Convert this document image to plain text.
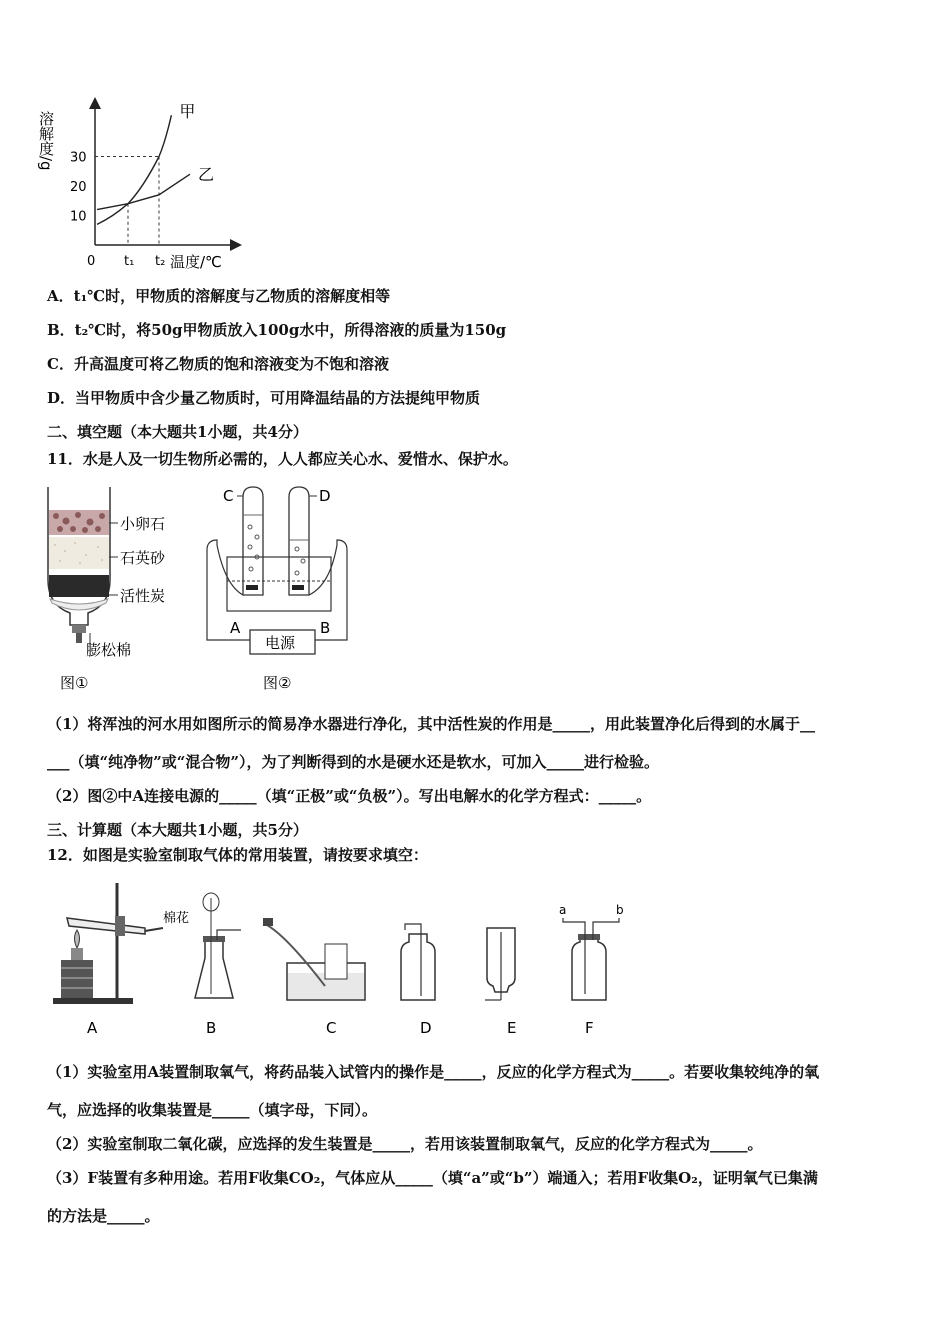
溶解度/g
10
20
30
0 t₁ t₂
甲
乙
温度/℃
A．t₁℃时，甲物质的溶解度与乙物质的溶解度相等
B．t₂℃时，将50g甲物质放入100g水中，所得溶液的质量为150g
C．升高温度可将乙物质的饱和溶液变为不饱和溶液
D．当甲物质中含少量乙物质时，可用降温结晶的方法提纯甲物质
二、填空题（本大题共1小题，共4分）
11．水是人及一切生物所必需的，人人都应关心水、爱惜水、保护水。
小卵石
石英砂
活性炭
膨松棉
图①
电源
C	D
A	B
图②
（1）将浑浊的河水用如图所示的简易净水器进行净化，其中活性炭的作用是_____，用此装置净化后得到的水属于__
___（填“纯净物”或“混合物”），为了判断得到的水是硬水还是软水，可加入_____进行检验。
（2）图②中A连接电源的_____（填“正极”或“负极”）。写出电解水的化学方程式：_____。
三、计算题（本大题共1小题，共5分）
12．如图是实验室制取气体的常用装置，请按要求填空：
棉花
a	b
A	B	C	D	E	F
（1）实验室用A装置制取氧气，将药品装入试管内的操作是_____，反应的化学方程式为_____。若要收集较纯净的氧
气，应选择的收集装置是_____（填字母，下同）。
（2）实验室制取二氧化碳，应选择的发生装置是_____，若用该装置制取氧气，反应的化学方程式为_____。
（3）F装置有多种用途。若用F收集CO₂，气体应从_____（填“a”或“b”）端通入；若用F收集O₂，证明氧气已集满
的方法是_____。
